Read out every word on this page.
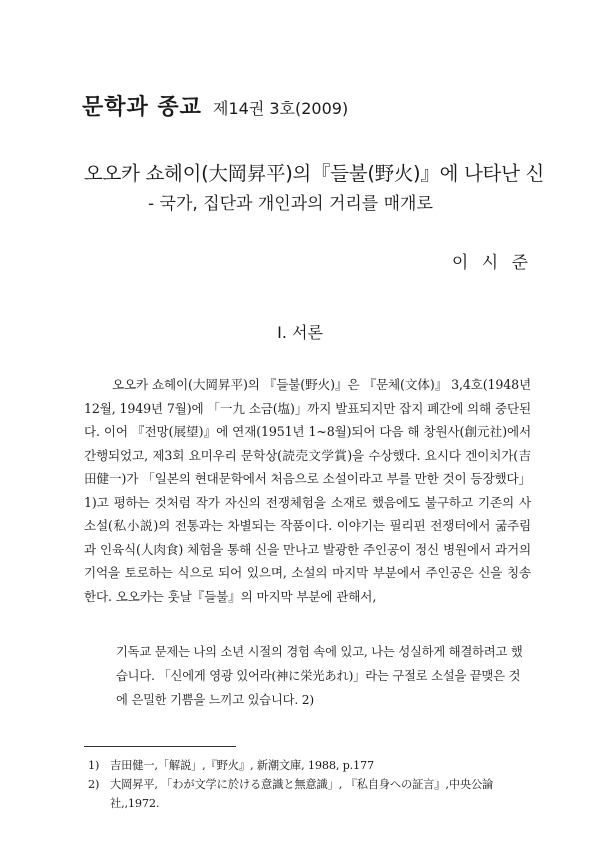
문학과 종교 제14권 3호(2009)
오오카 쇼헤이(大岡昇平)의『들불(野火)』에 나타난 신
- 국가, 집단과 개인과의 거리를 매개로
이 시 준
Ⅰ. 서론

오오카 쇼헤이(大岡昇平)의 『들불(野火)』은 『문체(文体)』 3,4호(1948년 12월, 1949년 7월)에 「一九 소금(塩)」까지 발표되지만 잡지 폐간에 의해 중단된다. 이어 『전망(展望)』에 연재(1951년 1~8월)되어 다음 해 창원사(創元社)에서 간행되었고, 제3회 요미우리 문학상(読売文学賞)을 수상했다. 요시다 겐이치가(吉田健一)가 「일본의 현대문학에서 처음으로 소설이라고 부를 만한 것이 등장했다」1)고 평하는 것처럼 작가 자신의 전쟁체험을 소재로 했음에도 불구하고 기존의 사소설(私小説)의 전통과는 차별되는 작품이다. 이야기는 필리핀 전쟁터에서 굶주림과 인육식(人肉食) 체험을 통해 신을 만나고 발광한 주인공이 정신 병원에서 과거의 기억을 토로하는 식으로 되어 있으며, 소설의 마지막 부분에서 주인공은 신을 칭송한다. 오오카는 훗날『들불』의 마지막 부분에 관해서,

기독교 문제는 나의 소년 시절의 경험 속에 있고, 나는 성실하게 해결하려고 했습니다. 「신에게 영광 있어라(神に栄光あれ)」라는 구절로 소설을 끝맺은 것에 은밀한 기쁨을 느끼고 있습니다. 2)

1) 吉田健一,「解説」,『野火』, 新潮文庫, 1988, p.177
2) 大岡昇平, 「わが文学に於ける意識と無意識」, 『私自身への証言』,中央公論社,,1972.
